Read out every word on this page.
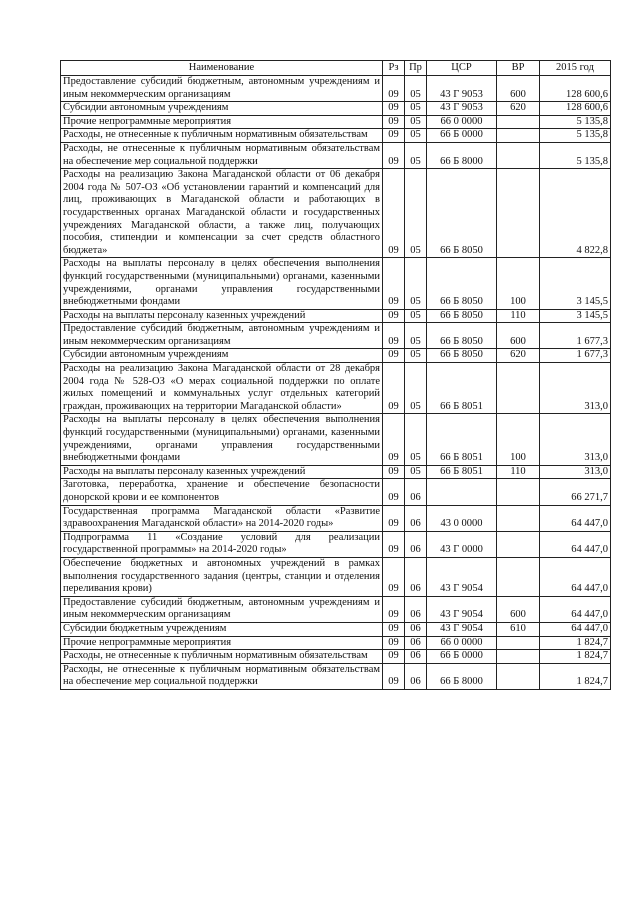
Наименование	Рз	Пр	ЦСР	ВР	2015 год
Предоставление субсидий бюджетным, автономным учреждениям и иным некоммерческим организациям	09	05	43 Г 9053	600	128 600,6
Субсидии автономным учреждениям	09	05	43 Г 9053	620	128 600,6
Прочие непрограммные мероприятия	09	05	66 0 0000		5 135,8
Расходы, не отнесенные к публичным нормативным обязательствам	09	05	66 Б 0000		5 135,8
Расходы, не отнесенные к публичным нормативным обязательствам на обеспечение мер социальной поддержки	09	05	66 Б 8000		5 135,8
Расходы на реализацию Закона Магаданской области от 06 декабря 2004 года № 507-ОЗ «Об установлении гарантий и компенсаций для лиц, проживающих в Магаданской области и работающих в государственных органах Магаданской области и государственных учреждениях Магаданской области, а также лиц, получающих пособия, стипендии и компенсации за счет средств областного бюджета»	09	05	66 Б 8050		4 822,8
Расходы на выплаты персоналу в целях обеспечения выполнения функций государственными (муниципальными) органами, казенными учреждениями, органами управления государственными внебюджетными фондами	09	05	66 Б 8050	100	3 145,5
Расходы на выплаты персоналу казенных учреждений	09	05	66 Б 8050	110	3 145,5
Предоставление субсидий бюджетным, автономным учреждениям и иным некоммерческим организациям	09	05	66 Б 8050	600	1 677,3
Субсидии автономным учреждениям	09	05	66 Б 8050	620	1 677,3
Расходы на реализацию Закона Магаданской области от 28 декабря 2004 года № 528-ОЗ «О мерах социальной поддержки по оплате жилых помещений и коммунальных услуг отдельных категорий граждан, проживающих на территории Магаданской области»	09	05	66 Б 8051		313,0
Расходы на выплаты персоналу в целях обеспечения выполнения функций государственными (муниципальными) органами, казенными учреждениями, органами управления государственными внебюджетными фондами	09	05	66 Б 8051	100	313,0
Расходы на выплаты персоналу казенных учреждений	09	05	66 Б 8051	110	313,0
Заготовка, переработка, хранение и обеспечение безопасности донорской крови и ее компонентов	09	06			66 271,7
Государственная программа Магаданской области «Развитие здравоохранения Магаданской области» на 2014-2020 годы»	09	06	43 0 0000		64 447,0
Подпрограмма 11 «Создание условий для реализации государственной программы» на 2014-2020 годы»	09	06	43 Г 0000		64 447,0
Обеспечение бюджетных и автономных учреждений в рамках выполнения государственного задания (центры, станции и отделения переливания крови)	09	06	43 Г 9054		64 447,0
Предоставление субсидий бюджетным, автономным учреждениям и иным некоммерческим организациям	09	06	43 Г 9054	600	64 447,0
Субсидии бюджетным учреждениям	09	06	43 Г 9054	610	64 447,0
Прочие непрограммные мероприятия	09	06	66 0 0000		1 824,7
Расходы, не отнесенные к публичным нормативным обязательствам	09	06	66 Б 0000		1 824,7
Расходы, не отнесенные к публичным нормативным обязательствам на обеспечение мер социальной поддержки	09	06	66 Б 8000		1 824,7
